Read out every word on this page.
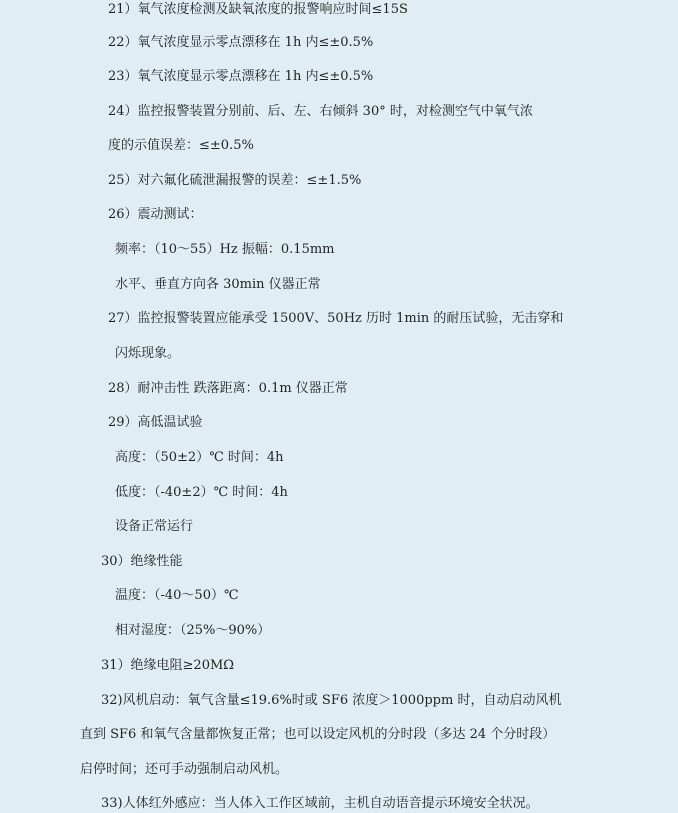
21）氧气浓度检测及缺氧浓度的报警响应时间≤15S
22）氧气浓度显示零点漂移在 1h 内≤±0.5%
23）氧气浓度显示零点漂移在 1h 内≤±0.5%
24）监控报警装置分别前、后、左、右倾斜 30° 时，对检测空气中氧气浓
度的示值误差：≤±0.5%
25）对六氟化硫泄漏报警的误差：≤±1.5%
26）震动测试：
频率：（10～55）Hz 振幅：0.15mm
水平、垂直方向各 30min 仪器正常
27）监控报警装置应能承受 1500V、50Hz 历时 1min 的耐压试验，无击穿和
闪烁现象。
28）耐冲击性 跌落距离：0.1m 仪器正常
29）高低温试验
高度：（50±2）℃ 时间：4h
低度：（-40±2）℃ 时间：4h
设备正常运行
30）绝缘性能
温度：（-40～50）℃
相对湿度：（25%～90%）
31）绝缘电阻≥20MΩ
32)风机启动：氧气含量≤19.6%时或 SF6 浓度＞1000ppm 时，自动启动风机
直到 SF6 和氧气含量都恢复正常；也可以设定风机的分时段（多达 24 个分时段）
启停时间；还可手动强制启动风机。
33)人体红外感应：当人体入工作区域前，主机自动语音提示环境安全状况。
